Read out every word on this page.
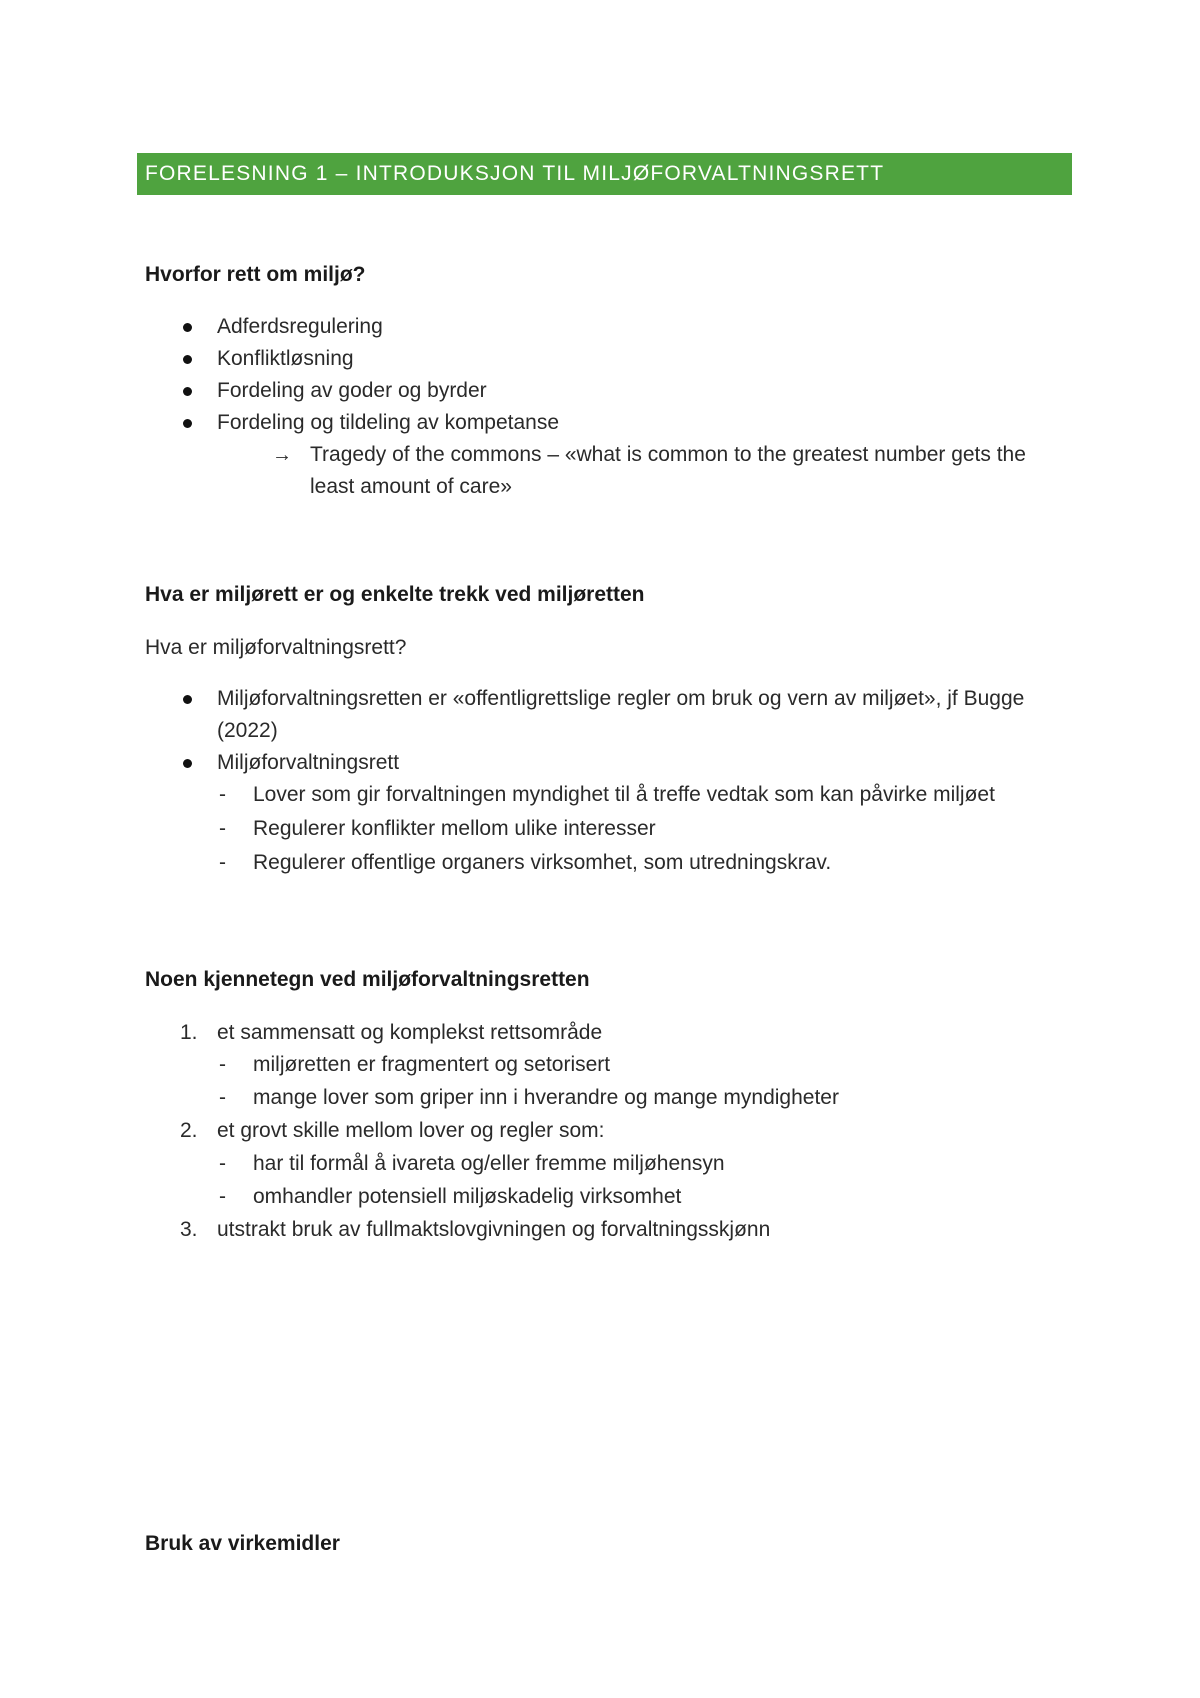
FORELESNING 1 – INTRODUKSJON TIL MILJØFORVALTNINGSRETT
Hvorfor rett om miljø?
Adferdsregulering
Konfliktløsning
Fordeling av goder og byrder
Fordeling og tildeling av kompetanse
→ Tragedy of the commons – «what is common to the greatest number gets the least amount of care»
Hva er miljørett er og enkelte trekk ved miljøretten
Hva er miljøforvaltningsrett?
Miljøforvaltningsretten er «offentligrettslige regler om bruk og vern av miljøet», jf Bugge (2022)
Miljøforvaltningsrett
- Lover som gir forvaltningen myndighet til å treffe vedtak som kan påvirke miljøet
- Regulerer konflikter mellom ulike interesser
- Regulerer offentlige organers virksomhet, som utredningskrav.
Noen kjennetegn ved miljøforvaltningsretten
1. et sammensatt og komplekst rettsområde
- miljøretten er fragmentert og setorisert
- mange lover som griper inn i hverandre og mange myndigheter
2. et grovt skille mellom lover og regler som:
- har til formål å ivareta og/eller fremme miljøhensyn
- omhandler potensiell miljøskadelig virksomhet
3. utstrakt bruk av fullmaktslovgivningen og forvaltningsskjønn
Bruk av virkemidler
